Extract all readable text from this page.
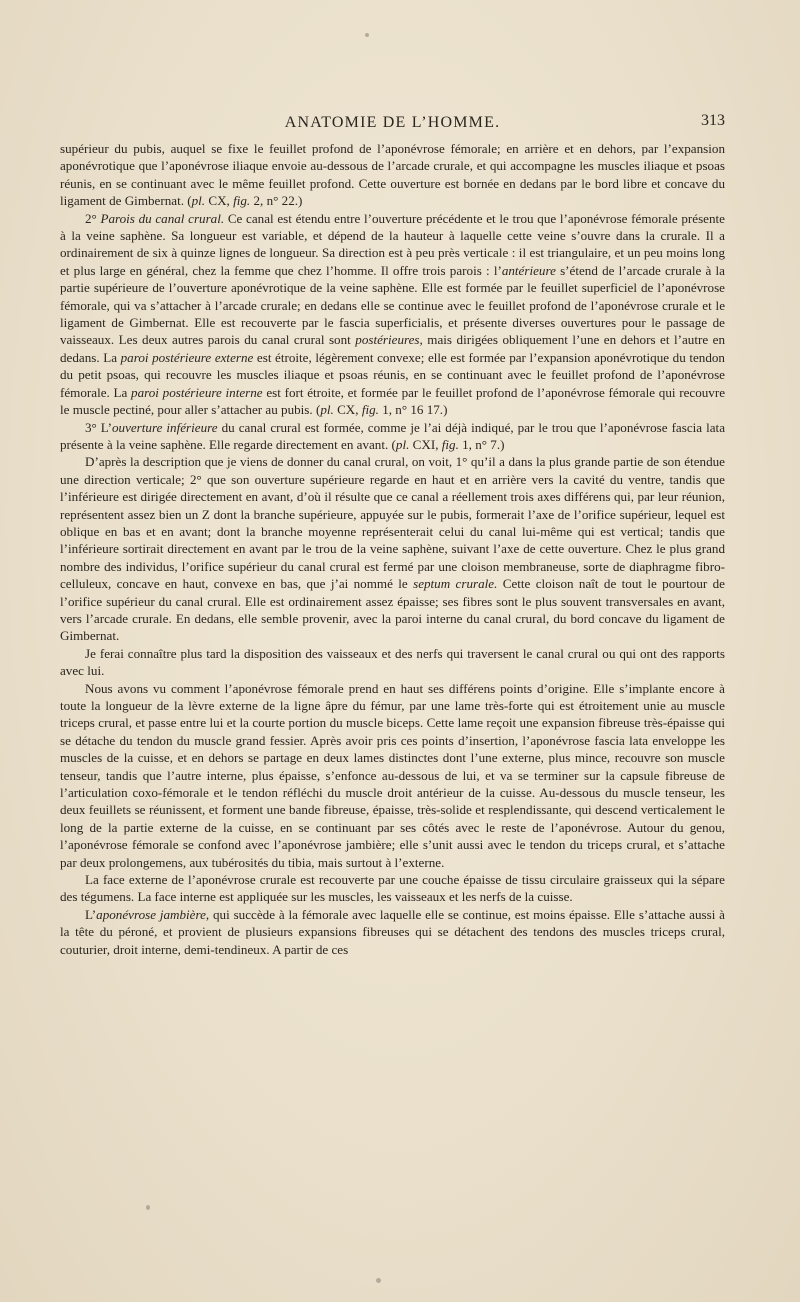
ANATOMIE DE L’HOMME.	313

supérieur du pubis, auquel se fixe le feuillet profond de l’aponévrose fémorale; en arrière et en dehors, par l’expansion aponévrotique que l’aponévrose iliaque envoie au-dessous de l’arcade crurale, et qui accompagne les muscles iliaque et psoas réunis, en se continuant avec le même feuillet profond. Cette ouverture est bornée en dedans par le bord libre et concave du ligament de Gimbernat. (pl. CX, fig. 2, n° 22.)

2° Parois du canal crural. Ce canal est étendu entre l’ouverture précédente et le trou que l’aponévrose fémorale présente à la veine saphène. Sa longueur est variable, et dépend de la hauteur à laquelle cette veine s’ouvre dans la crurale. Il a ordinairement de six à quinze lignes de longueur. Sa direction est à peu près verticale : il est triangulaire, et un peu moins long et plus large en général, chez la femme que chez l’homme. Il offre trois parois : l’antérieure s’étend de l’arcade crurale à la partie supérieure de l’ouverture aponévrotique de la veine saphène. Elle est formée par le feuillet superficiel de l’aponévrose fémorale, qui va s’attacher à l’arcade crurale; en dedans elle se continue avec le feuillet profond de l’aponévrose crurale et le ligament de Gimbernat. Elle est recouverte par le fascia superficialis, et présente diverses ouvertures pour le passage de vaisseaux. Les deux autres parois du canal crural sont postérieures, mais dirigées obliquement l’une en dehors et l’autre en dedans. La paroi postérieure externe est étroite, légèrement convexe; elle est formée par l’expansion aponévrotique du tendon du petit psoas, qui recouvre les muscles iliaque et psoas réunis, en se continuant avec le feuillet profond de l’aponévrose fémorale. La paroi postérieure interne est fort étroite, et formée par le feuillet profond de l’aponévrose fémorale qui recouvre le muscle pectiné, pour aller s’attacher au pubis. (pl. CX, fig. 1, n° 16 17.)

3° L’ouverture inférieure du canal crural est formée, comme je l’ai déjà indiqué, par le trou que l’aponévrose fascia lata présente à la veine saphène. Elle regarde directement en avant. (pl. CXI, fig. 1, n° 7.)

D’après la description que je viens de donner du canal crural, on voit, 1° qu’il a dans la plus grande partie de son étendue une direction verticale; 2° que son ouverture supérieure regarde en haut et en arrière vers la cavité du ventre, tandis que l’inférieure est dirigée directement en avant, d’où il résulte que ce canal a réellement trois axes différens qui, par leur réunion, représentent assez bien un Z dont la branche supérieure, appuyée sur le pubis, formerait l’axe de l’orifice supérieur, lequel est oblique en bas et en avant; dont la branche moyenne représenterait celui du canal lui-même qui est vertical; tandis que l’inférieure sortirait directement en avant par le trou de la veine saphène, suivant l’axe de cette ouverture. Chez le plus grand nombre des individus, l’orifice supérieur du canal crural est fermé par une cloison membraneuse, sorte de diaphragme fibro-celluleux, concave en haut, convexe en bas, que j’ai nommé le septum crurale. Cette cloison naît de tout le pourtour de l’orifice supérieur du canal crural. Elle est ordinairement assez épaisse; ses fibres sont le plus souvent transversales en avant, vers l’arcade crurale. En dedans, elle semble provenir, avec la paroi interne du canal crural, du bord concave du ligament de Gimbernat.

Je ferai connaître plus tard la disposition des vaisseaux et des nerfs qui traversent le canal crural ou qui ont des rapports avec lui.

Nous avons vu comment l’aponévrose fémorale prend en haut ses différens points d’origine. Elle s’implante encore à toute la longueur de la lèvre externe de la ligne âpre du fémur, par une lame très-forte qui est étroitement unie au muscle triceps crural, et passe entre lui et la courte portion du muscle biceps. Cette lame reçoit une expansion fibreuse très-épaisse qui se détache du tendon du muscle grand fessier. Après avoir pris ces points d’insertion, l’aponévrose fascia lata enveloppe les muscles de la cuisse, et en dehors se partage en deux lames distinctes dont l’une externe, plus mince, recouvre son muscle tenseur, tandis que l’autre interne, plus épaisse, s’enfonce au-dessous de lui, et va se terminer sur la capsule fibreuse de l’articulation coxo-fémorale et le tendon réfléchi du muscle droit antérieur de la cuisse. Au-dessous du muscle tenseur, les deux feuillets se réunissent, et forment une bande fibreuse, épaisse, très-solide et resplendissante, qui descend verticalement le long de la partie externe de la cuisse, en se continuant par ses côtés avec le reste de l’aponévrose. Autour du genou, l’aponévrose fémorale se confond avec l’aponévrose jambière; elle s’unit aussi avec le tendon du triceps crural, et s’attache par deux prolongemens, aux tubérosités du tibia, mais surtout à l’externe.

La face externe de l’aponévrose crurale est recouverte par une couche épaisse de tissu circulaire graisseux qui la sépare des tégumens. La face interne est appliquée sur les muscles, les vaisseaux et les nerfs de la cuisse.

L’aponévrose jambière, qui succède à la fémorale avec laquelle elle se continue, est moins épaisse. Elle s’attache aussi à la tête du péroné, et provient de plusieurs expansions fibreuses qui se détachent des tendons des muscles triceps crural, couturier, droit interne, demi-tendineux. A partir de ces
